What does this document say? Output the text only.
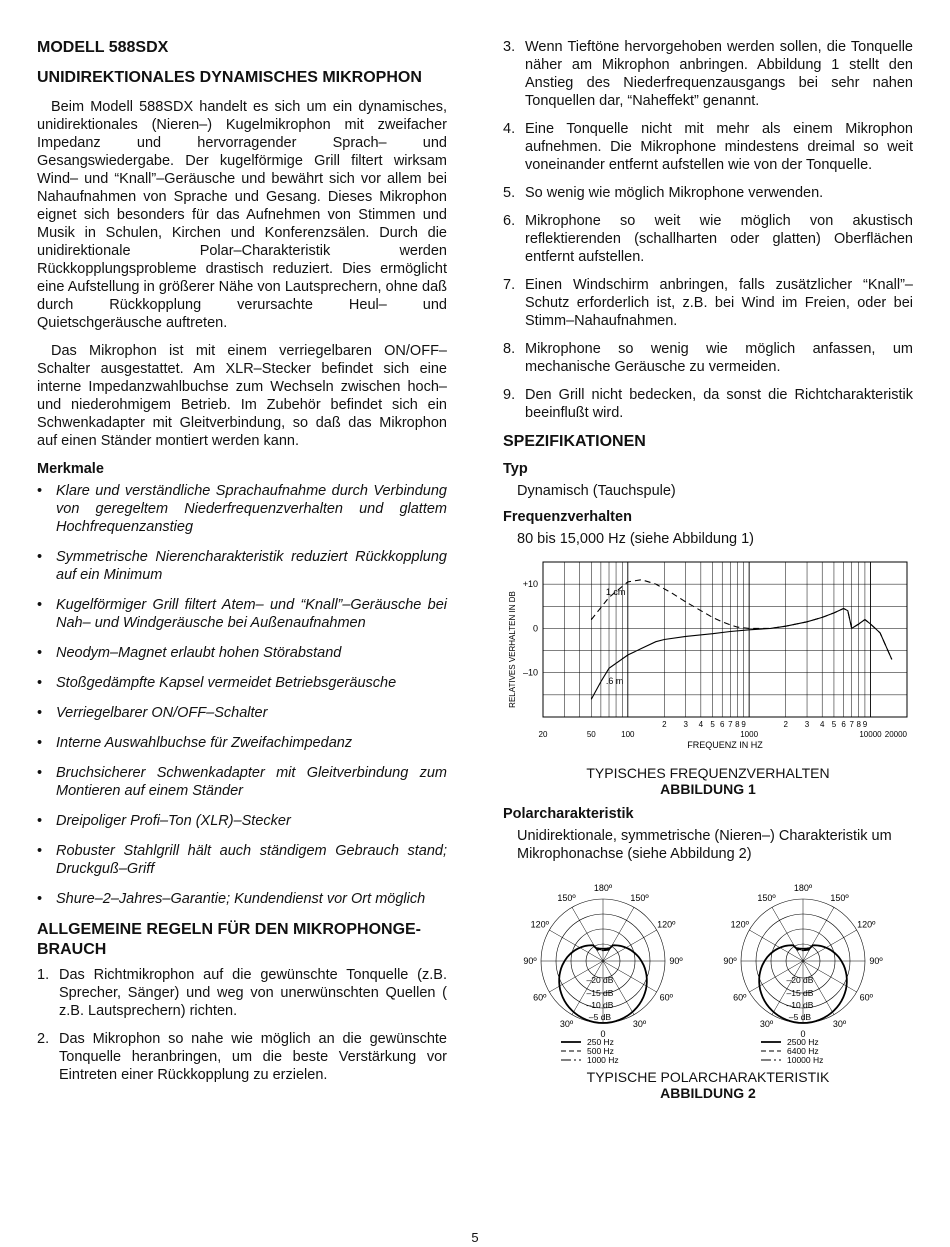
MODELL 588SDX
UNIDIREKTIONALES DYNAMISCHES MIKROPHON

Beim Modell 588SDX handelt es sich um ein dynamisches, unidirektionales (Nieren–) Kugelmikrophon mit zweifacher Impedanz und hervorragender Sprach– und Gesangswiedergabe. Der kugelförmige Grill filtert wirksam Wind– und “Knall”–Geräusche und bewährt sich vor allem bei Nahaufnahmen von Sprache und Gesang. Dieses Mikrophon eignet sich besonders für das Aufnehmen von Stimmen und Musik in Schulen, Kirchen und Konferenzsälen. Durch die unidirektionale Polar–Charakteristik werden Rückkopplungsprobleme drastisch reduziert. Dies ermöglicht eine Aufstellung in größerer Nähe von Lautsprechern, ohne daß durch Rückkopplung verursachte Heul– und Quietschgeräusche auftreten.

Das Mikrophon ist mit einem verriegelbaren ON/OFF–Schalter ausgestattet. Am XLR–Stecker befindet sich eine interne Impedanzwahlbuchse zum Wechseln zwischen hoch– und niederohmigem Betrieb. Im Zubehör befindet sich ein Schwenkadapter mit Gleitverbindung, so daß das Mikrophon auf einen Ständer montiert werden kann.

Merkmale
• Klare und verständliche Sprachaufnahme durch Verbindung von geregeltem Niederfrequenzverhalten und glattem Hochfrequenzanstieg
• Symmetrische Nierencharakteristik reduziert Rückkopplung auf ein Minimum
• Kugelförmiger Grill filtert Atem– und “Knall”–Geräusche bei Nah– und Windgeräusche bei Außenaufnahmen
• Neodym–Magnet erlaubt hohen Störabstand
• Stoßgedämpfte Kapsel vermeidet Betriebsgeräusche
• Verriegelbarer ON/OFF–Schalter
• Interne Auswahlbuchse für Zweifachimpedanz
• Bruchsicherer Schwenkadapter mit Gleitverbindung zum Montieren auf einem Ständer
• Dreipoliger Profi–Ton (XLR)–Stecker
• Robuster Stahlgrill hält auch ständigem Gebrauch stand; Druckguß–Griff
• Shure–2–Jahres–Garantie; Kundendienst vor Ort möglich
ALLGEMEINE REGELN FÜR DEN MIKROPHONGE-BRAUCH
1. Das Richtmikrophon auf die gewünschte Tonquelle (z.B. Sprecher, Sänger) und weg von unerwünschten Quellen ( z.B. Lautsprechern) richten.
2. Das Mikrophon so nahe wie möglich an die gewünschte Tonquelle heranbringen, um die beste Verstärkung vor Eintreten einer Rückkopplung zu erzielen.
3. Wenn Tieftöne hervorgehoben werden sollen, die Tonquelle näher am Mikrophon anbringen. Abbildung 1 stellt den Anstieg des Niederfrequenzausgangs bei sehr nahen Tonquellen dar, “Naheffekt” genannt.
4. Eine Tonquelle nicht mit mehr als einem Mikrophon aufnehmen. Die Mikrophone mindestens dreimal so weit voneinander entfernt aufstellen wie von der Tonquelle.
5. So wenig wie möglich Mikrophone verwenden.
6. Mikrophone so weit wie möglich von akustisch reflektierenden (schallharten oder glatten) Oberflächen entfernt aufstellen.
7. Einen Windschirm anbringen, falls zusätzlicher “Knall”–Schutz erforderlich ist, z.B. bei Wind im Freien, oder bei Stimm–Nahaufnahmen.
8. Mikrophone so wenig wie möglich anfassen, um mechanische Geräusche zu vermeiden.
9. Den Grill nicht bedecken, da sonst die Richtcharakteristik beeinflußt wird.
SPEZIFIKATIONEN
Typ
Dynamisch (Tauchspule)
Frequenzverhalten
80 bis 15,000 Hz (siehe Abbildung 1)
1 cm
.6 m
+10
0
–10
20	50	100
2 3 4 5 6 7 8 9
1000
2 3 4 5 6 7 8 9
10000 20000
FREQUENZ IN HZ
RELATIVES VERHALTEN IN DB
TYPISCHES FREQUENZVERHALTEN
ABBILDUNG 1
Polarcharakteristik
Unidirektionale, symmetrische (Nieren–) Charakteristik um Mikrophonachse (siehe Abbildung 2)
180º
150º
150º
120º
120º
90º
90º
60º
60º
30º
30º
0
–20 dB
–15 dB
–10 dB
–5 dB
250 Hz
500 Hz
1000 Hz
180º
150º
150º
120º
120º
90º
90º
60º
60º
30º
30º
0
–20 dB
–15 dB
–10 dB
–5 dB
2500 Hz
6400 Hz
10000 Hz
TYPISCHE POLARCHARAKTERISTIK
ABBILDUNG 2
5
